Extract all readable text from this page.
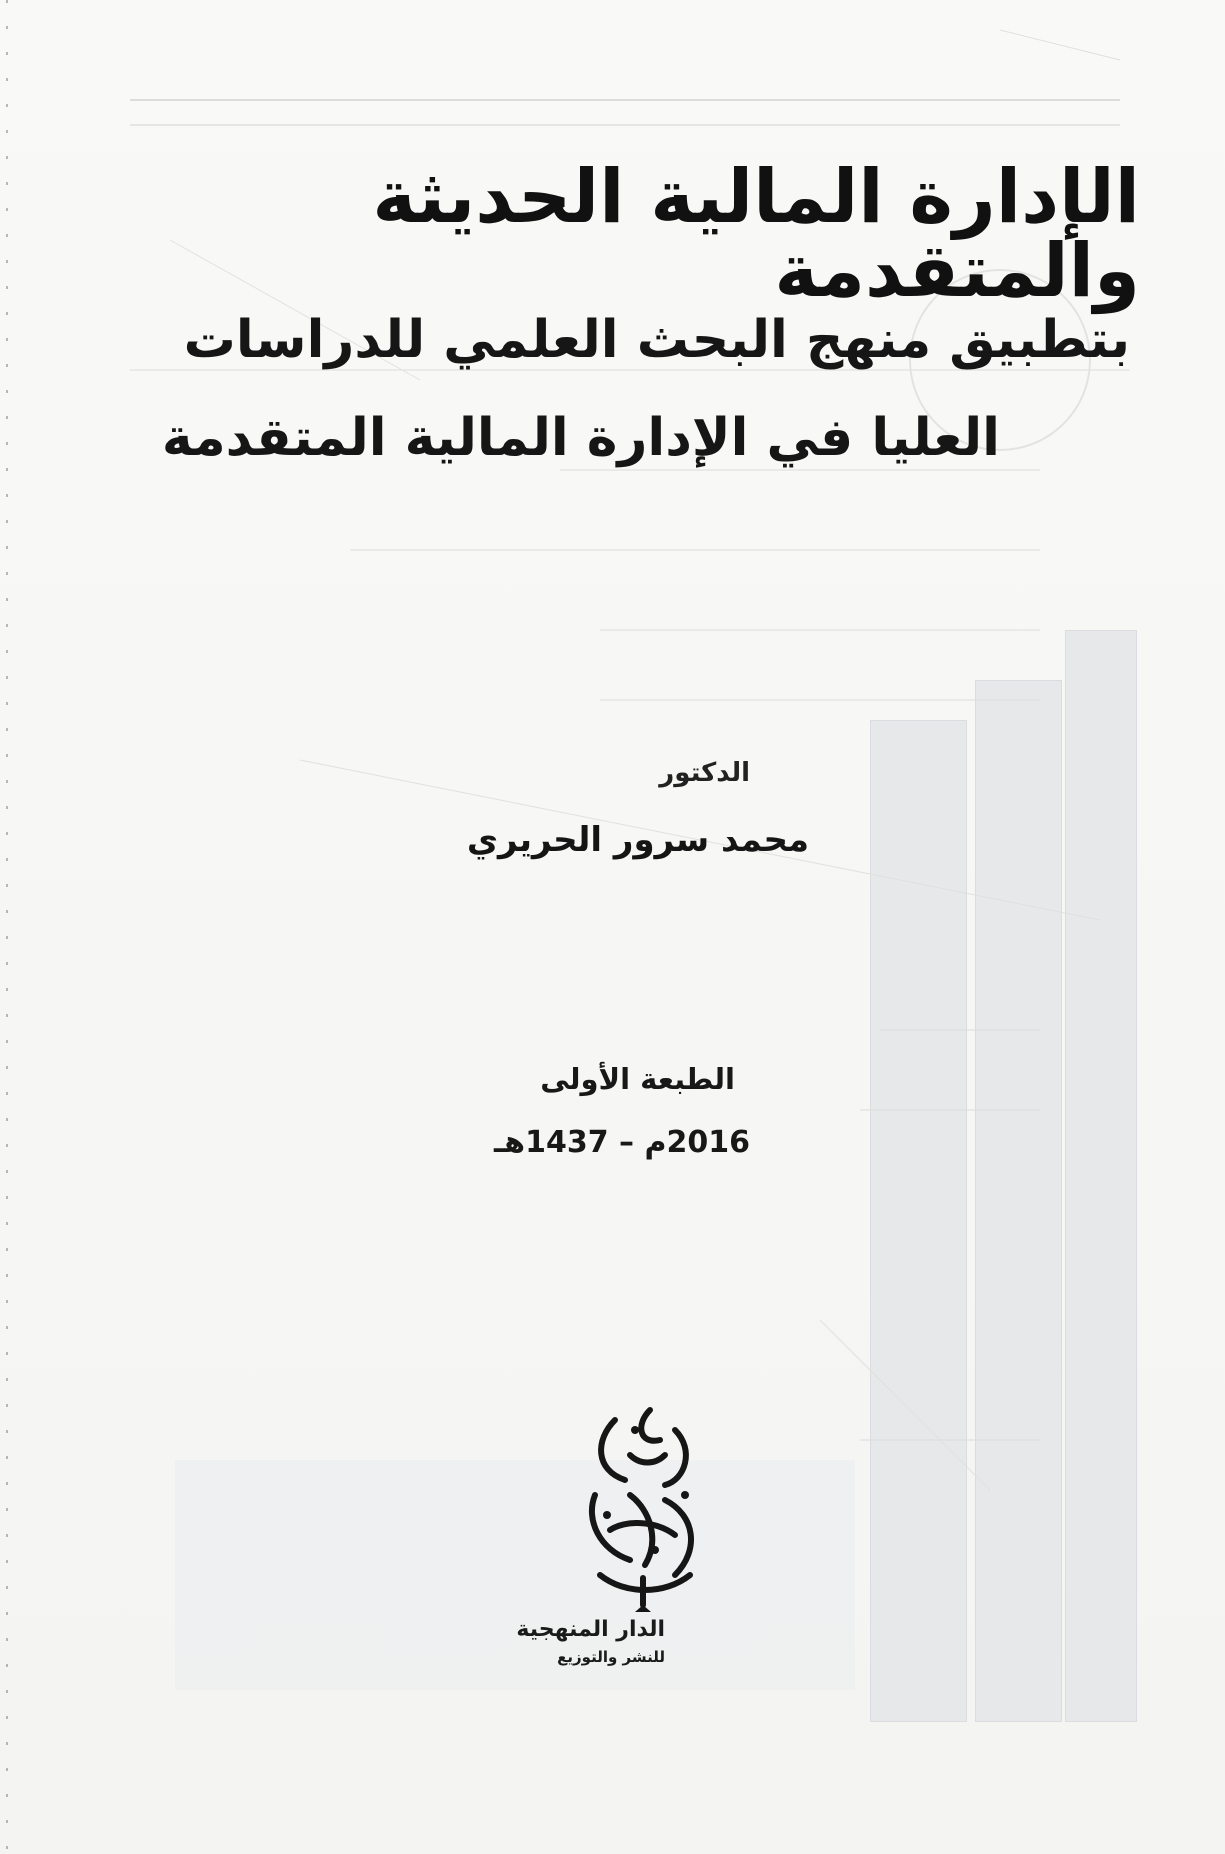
الإدارة المالية الحديثة والمتقدمة
بتطبيق منهج البحث العلمي للدراسات
العليا في الإدارة المالية المتقدمة
الدكتور
محمد سرور الحريري
الطبعة الأولى
2016م – 1437هـ
الدار المنهجية
للنشر والتوزيع
